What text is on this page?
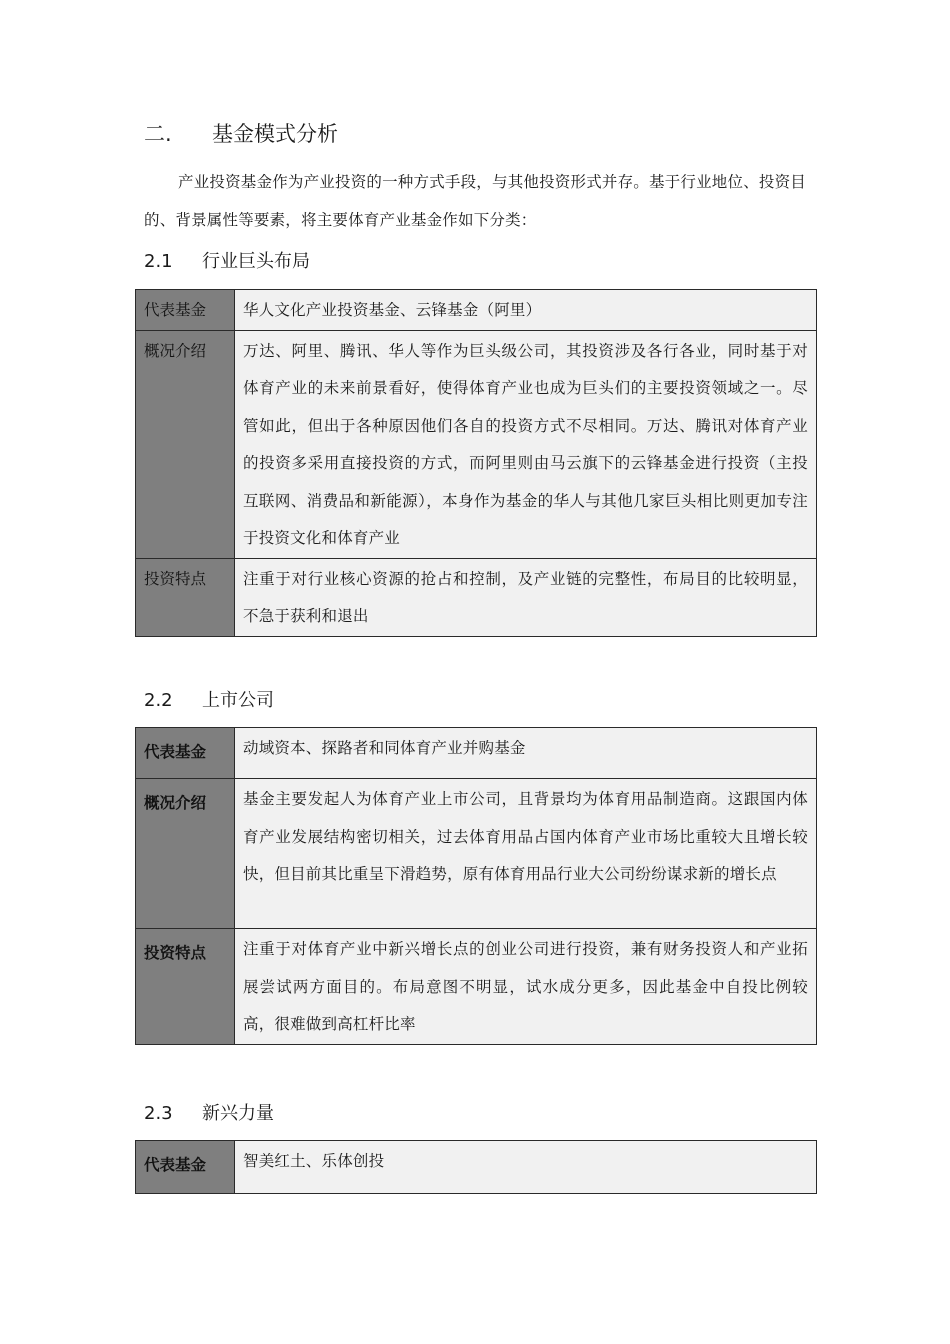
二. 基金模式分析

产业投资基金作为产业投资的一种方式手段，与其他投资形式并存。基于行业地位、投资目的、背景属性等要素，将主要体育产业基金作如下分类：

2.1 行业巨头布局
代表基金	华人文化产业投资基金、云锋基金（阿里）
概况介绍	万达、阿里、腾讯、华人等作为巨头级公司，其投资涉及各行各业，同时基于对体育产业的未来前景看好，使得体育产业也成为巨头们的主要投资领域之一。尽管如此，但出于各种原因他们各自的投资方式不尽相同。万达、腾讯对体育产业的投资多采用直接投资的方式，而阿里则由马云旗下的云锋基金进行投资（主投互联网、消费品和新能源），本身作为基金的华人与其他几家巨头相比则更加专注于投资文化和体育产业
投资特点	注重于对行业核心资源的抢占和控制，及产业链的完整性，布局目的比较明显，不急于获利和退出
2.2 上市公司
代表基金	动域资本、探路者和同体育产业并购基金
概况介绍	基金主要发起人为体育产业上市公司，且背景均为体育用品制造商。这跟国内体育产业发展结构密切相关，过去体育用品占国内体育产业市场比重较大且增长较快，但目前其比重呈下滑趋势，原有体育用品行业大公司纷纷谋求新的增长点
投资特点	注重于对体育产业中新兴增长点的创业公司进行投资，兼有财务投资人和产业拓展尝试两方面目的。布局意图不明显，试水成分更多，因此基金中自投比例较高，很难做到高杠杆比率
2.3 新兴力量
代表基金	智美红土、乐体创投
